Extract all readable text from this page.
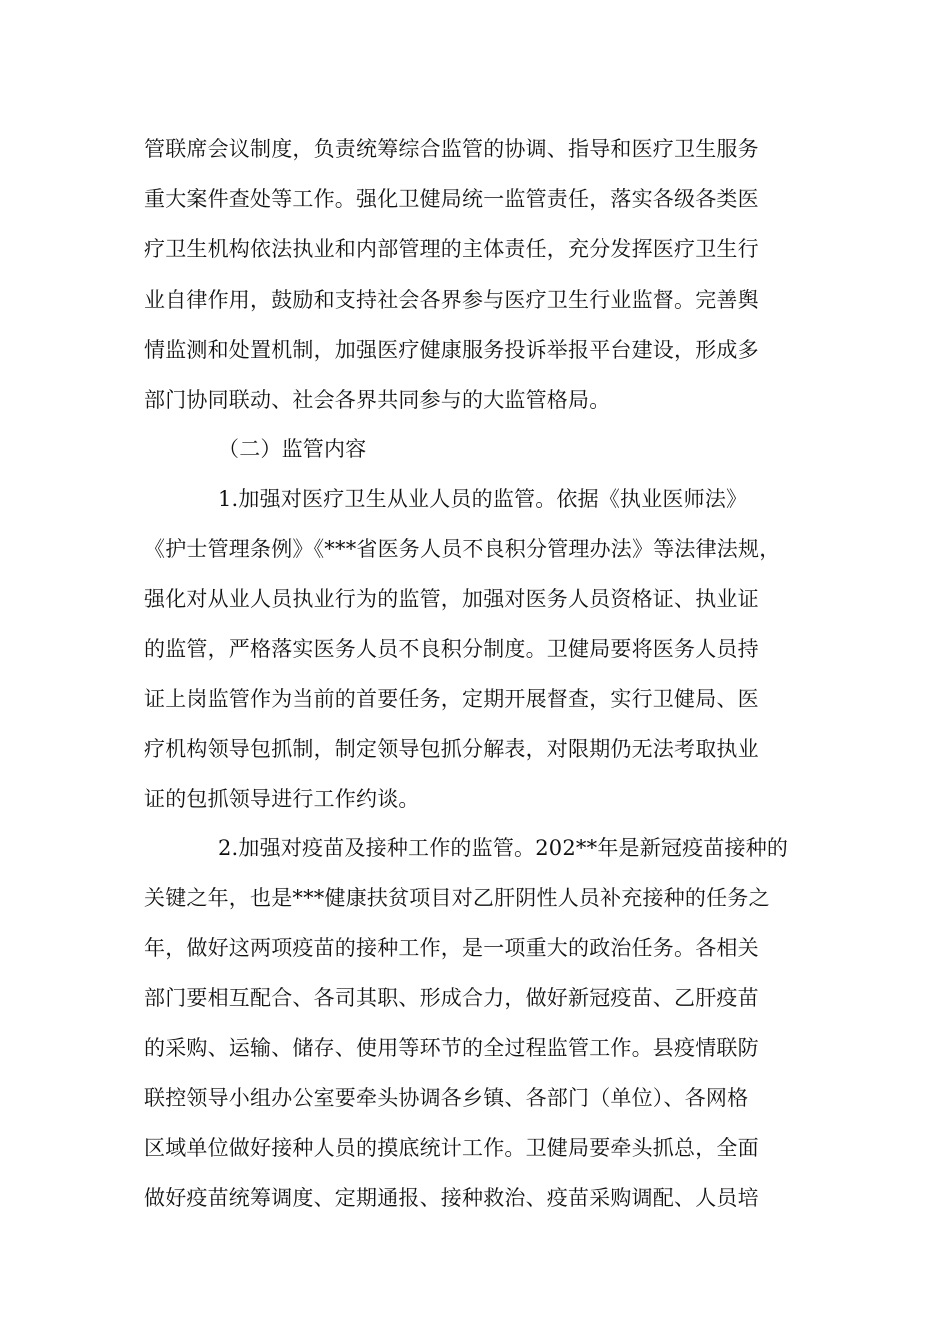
管联席会议制度，负责统筹综合监管的协调、指导和医疗卫生服务
重大案件查处等工作。强化卫健局统一监管责任，落实各级各类医
疗卫生机构依法执业和内部管理的主体责任，充分发挥医疗卫生行
业自律作用，鼓励和支持社会各界参与医疗卫生行业监督。完善舆
情监测和处置机制，加强医疗健康服务投诉举报平台建设，形成多
部门协同联动、社会各界共同参与的大监管格局。
（二）监管内容
1.加强对医疗卫生从业人员的监管。依据《执业医师法》
《护士管理条例》《***省医务人员不良积分管理办法》等法律法规，
强化对从业人员执业行为的监管，加强对医务人员资格证、执业证
的监管，严格落实医务人员不良积分制度。卫健局要将医务人员持
证上岗监管作为当前的首要任务，定期开展督查，实行卫健局、医
疗机构领导包抓制，制定领导包抓分解表，对限期仍无法考取执业
证的包抓领导进行工作约谈。
2.加强对疫苗及接种工作的监管。202**年是新冠疫苗接种的
关键之年，也是***健康扶贫项目对乙肝阴性人员补充接种的任务之
年，做好这两项疫苗的接种工作，是一项重大的政治任务。各相关
部门要相互配合、各司其职、形成合力，做好新冠疫苗、乙肝疫苗
的采购、运输、储存、使用等环节的全过程监管工作。县疫情联防
联控领导小组办公室要牵头协调各乡镇、各部门（单位）、各网格
区域单位做好接种人员的摸底统计工作。卫健局要牵头抓总，全面
做好疫苗统筹调度、定期通报、接种救治、疫苗采购调配、人员培
